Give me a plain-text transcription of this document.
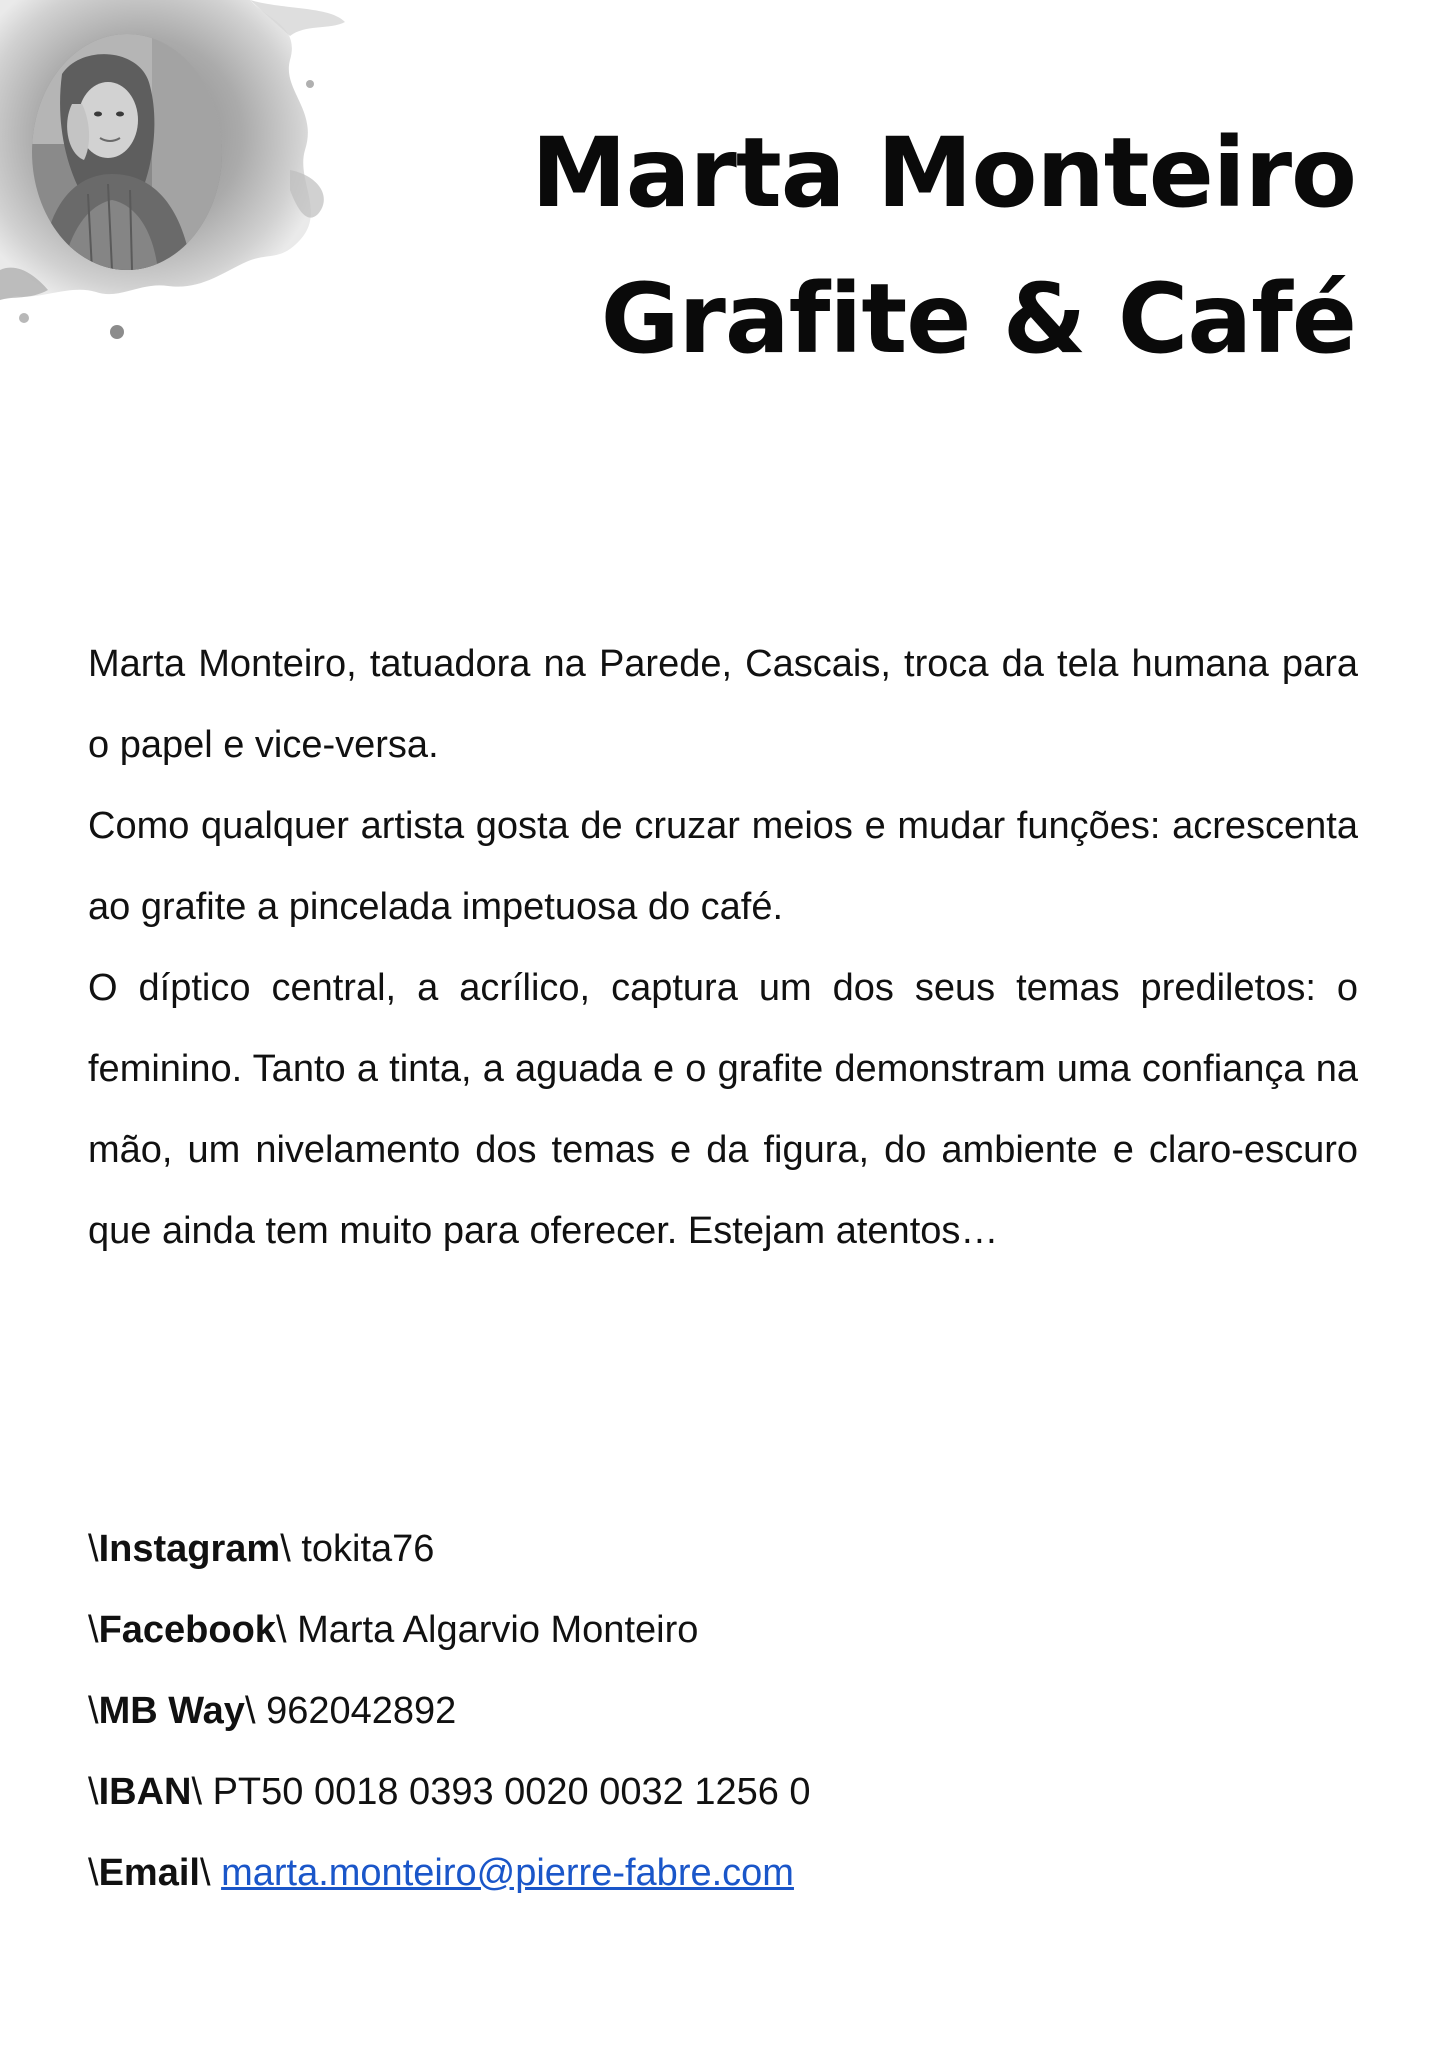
Marta Monteiro
Grafite & Café

Marta Monteiro, tatuadora na Parede, Cascais, troca da tela humana para o papel e vice-versa.

Como qualquer artista gosta de cruzar meios e mudar funções: acrescenta ao grafite a pincelada impetuosa do café.

O díptico central, a acrílico, captura um dos seus temas prediletos: o feminino. Tanto a tinta, a aguada e o grafite demonstram uma confiança na mão, um nivelamento dos temas e da figura, do ambiente e claro-escuro que ainda tem muito para oferecer. Estejam atentos…

\Instagram\ tokita76
\Facebook\ Marta Algarvio Monteiro
\MB Way\ 962042892
\IBAN\ PT50 0018 0393 0020 0032 1256 0
\Email\ marta.monteiro@pierre-fabre.com
